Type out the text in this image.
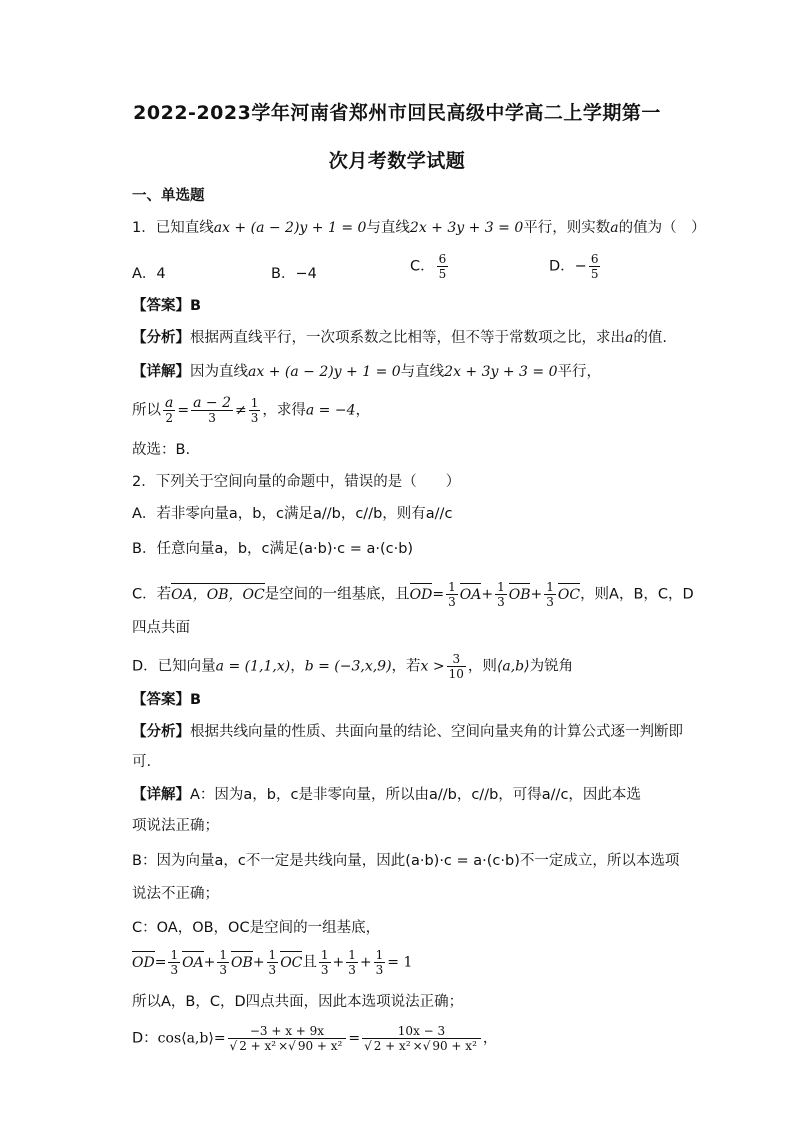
2022-2023学年河南省郑州市回民高级中学高二上学期第一
次月考数学试题
一、单选题
1．已知直线ax + (a − 2)y + 1 = 0与直线2x + 3y + 3 = 0平行，则实数a的值为（　）
A．4	B．−4	C． $\frac{6}{5}$	D．− $\frac{6}{5}$
【答案】B
【分析】根据两直线平行，一次项系数之比相等，但不等于常数项之比，求出a的值.
【详解】因为直线ax + (a − 2)y + 1 = 0与直线2x + 3y + 3 = 0平行，
所以 $\frac{a}{2} = \frac{a - 2}{3} \ne \frac{1}{3}$ ，求得a = −4，
故选：B.
2．下列关于空间向量的命题中，错误的是（　　）
A．若非零向量a，b，c满足a//b，c//b，则有a//c
B．任意向量a，b，c满足(a·b)·c = a·(c·b)
C．若OA，OB，OC是空间的一组基底，且$OD= \frac{1}{3} OA+ \frac{1}{3} OB+ \frac{1}{3}$ OC，则A，B，C，D
四点共面
D．已知向量a = (1,1,x)，b = (−3,x,9)，若$x > \frac{3}{10}$ ，则⟨a,b⟩为锐角
【答案】B
【分析】根据共线向量的性质、共面向量的结论、空间向量夹角的计算公式逐一判断即
可.
【详解】A：因为a，b，c是非零向量，所以由a//b，c//b，可得a//c，因此本选
项说法正确；
B：因为向量a，c不一定是共线向量，因此(a·b)·c = a·(c·b)不一定成立，所以本选项
说法不正确；
C：OA，OB，OC是空间的一组基底，
$OD= \frac{1}{3} OA+ \frac{1}{3} OB+ \frac{1}{3}$ OC且 $\frac{1}{3} + \frac{1}{3} + \frac{1}{3} = 1$
所以A，B，C，D四点共面，因此本选项说法正确；
D：cos⟨a,b⟩= $\frac{-3 + x + 9x}{\text{√ 2 + x² ×√ 90 + x²}} = \frac{10x - 3}{\text{√ 2 + x² ×√ 90 + x²}}$ ，
